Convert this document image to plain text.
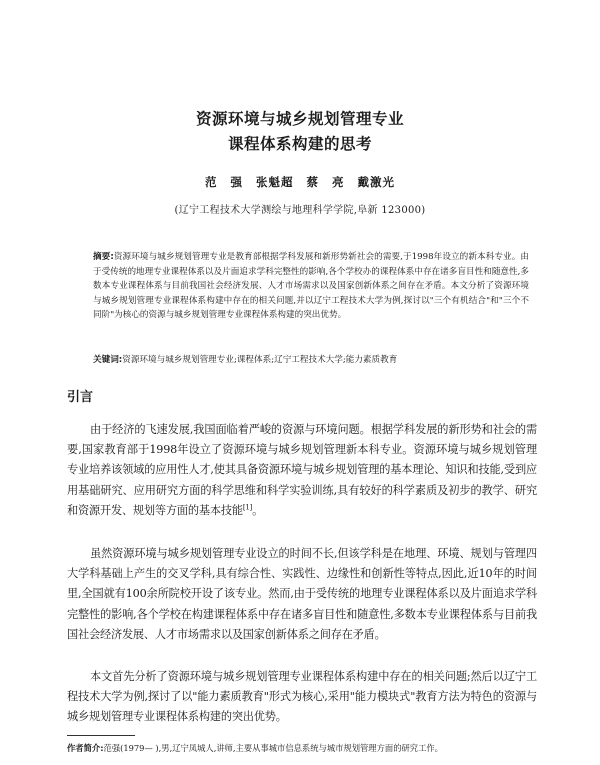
资源环境与城乡规划管理专业
课程体系构建的思考
范 强 张魁超 蔡 亮 戴激光
(辽宁工程技术大学测绘与地理科学学院,阜新 123000)

摘要:资源环境与城乡规划管理专业是教育部根据学科发展和新形势新社会的需要,于1998年设立的新本科专业。由于受传统的地理专业课程体系以及片面追求学科完整性的影响,各个学校办的课程体系中存在诸多盲目性和随意性,多数本专业课程体系与目前我国社会经济发展、人才市场需求以及国家创新体系之间存在矛盾。本文分析了资源环境与城乡规划管理专业课程体系构建中存在的相关问题,并以辽宁工程技术大学为例,探讨以"三个有机结合"和"三个不同阶"为核心的资源与城乡规划管理专业课程体系构建的突出优势。

关键词:资源环境与城乡规划管理专业;课程体系;辽宁工程技术大学;能力素质教育

引言

由于经济的飞速发展,我国面临着严峻的资源与环境问题。根据学科发展的新形势和社会的需要,国家教育部于1998年设立了资源环境与城乡规划管理新本科专业。资源环境与城乡规划管理专业培养该领域的应用性人才,使其具备资源环境与城乡规划管理的基本理论、知识和技能,受到应用基础研究、应用研究方面的科学思维和科学实验训练,具有较好的科学素质及初步的教学、研究和资源开发、规划等方面的基本技能[1]。

虽然资源环境与城乡规划管理专业设立的时间不长,但该学科是在地理、环境、规划与管理四大学科基础上产生的交叉学科,具有综合性、实践性、边缘性和创新性等特点,因此,近10年的时间里,全国就有100余所院校开设了该专业。然而,由于受传统的地理专业课程体系以及片面追求学科完整性的影响,各个学校在构建课程体系中存在诸多盲目性和随意性,多数本专业课程体系与目前我国社会经济发展、人才市场需求以及国家创新体系之间存在矛盾。

本文首先分析了资源环境与城乡规划管理专业课程体系构建中存在的相关问题;然后以辽宁工程技术大学为例,探讨了以"能力素质教育"形式为核心,采用"能力模块式"教育方法为特色的资源与城乡规划管理专业课程体系构建的突出优势。

作者简介:范强(1979— ),男,辽宁凤城人,讲师,主要从事城市信息系统与城市规划管理方面的研究工作。
